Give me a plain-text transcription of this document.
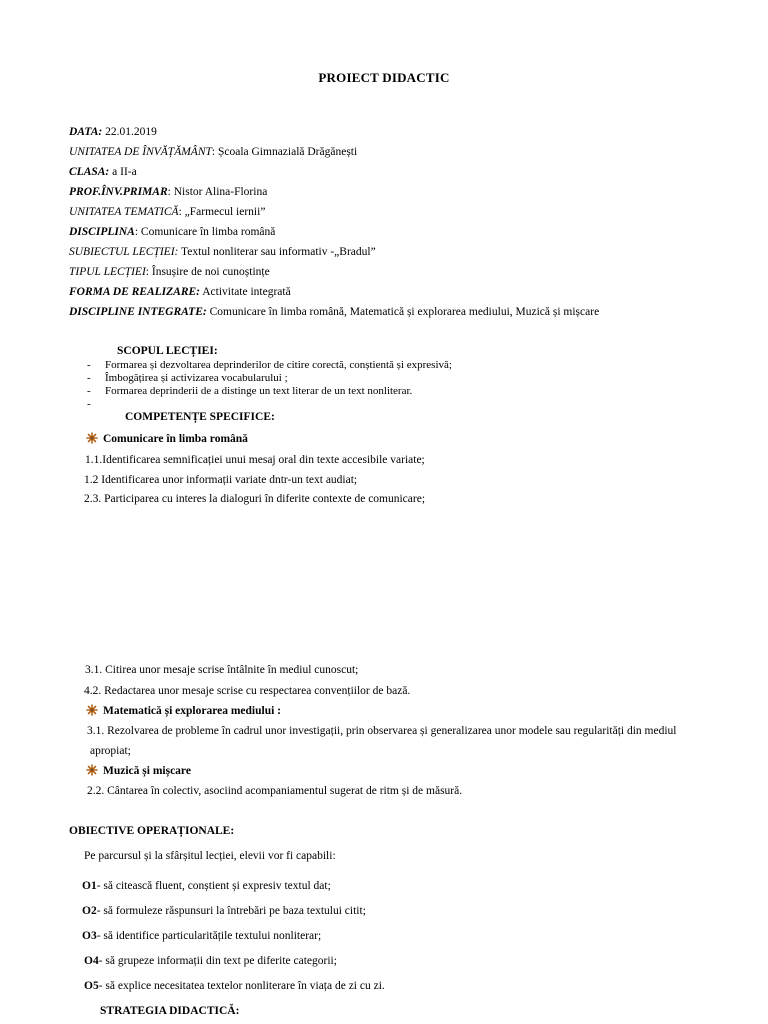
PROIECT DIDACTIC
DATA: 22.01.2019
UNITATEA DE ÎNVĂȚĂMÂNT: Școala Gimnazială Drăgănești
CLASA: a II-a
PROF.ÎNV.PRIMAR: Nistor Alina-Florina
UNITATEA TEMATICĂ: „Farmecul iernii”
DISCIPLINA: Comunicare în limba română
SUBIECTUL LECȚIEI: Textul nonliterar sau informativ -„Bradul”
TIPUL LECȚIEI: Însușire de noi cunoștințe
FORMA DE REALIZARE: Activitate integrată
DISCIPLINE INTEGRATE: Comunicare în limba română, Matematică și explorarea mediului, Muzică și mișcare
SCOPUL LECȚIEI:
- Formarea și dezvoltarea deprinderilor de citire corectă, conștientă și expresivă;
- Îmbogățirea și activizarea vocabularului ;
- Formarea deprinderii de a distinge un text literar de un text nonliterar.
-
COMPETENȚE SPECIFICE:
Comunicare în limba română
1.1.Identificarea semnificației unui mesaj oral din texte accesibile variate;
1.2 Identificarea unor informații variate dntr-un text audiat;
2.3. Participarea cu interes la dialoguri în diferite contexte de comunicare;
3.1. Citirea unor mesaje scrise întâlnite în mediul cunoscut;
4.2. Redactarea unor mesaje scrise cu respectarea convențiilor de bază.
Matematică și explorarea mediului :
3.1. Rezolvarea de probleme în cadrul unor investigații, prin observarea și generalizarea unor modele sau regularități din mediul
apropiat;
Muzică și mișcare
2.2. Cântarea în colectiv, asociind acompaniamentul sugerat de ritm și de măsură.
OBIECTIVE OPERAȚIONALE:
Pe parcursul și la sfârșitul lecției, elevii vor fi capabili:
O1- să citească fluent, conștient și expresiv textul dat;
O2- să formuleze răspunsuri la întrebări pe baza textului citit;
O3- să identifice particularitățile textului nonliterar;
O4- să grupeze informații din text pe diferite categorii;
O5- să explice necesitatea textelor nonliterare în viața de zi cu zi.
STRATEGIA DIDACTICĂ:
